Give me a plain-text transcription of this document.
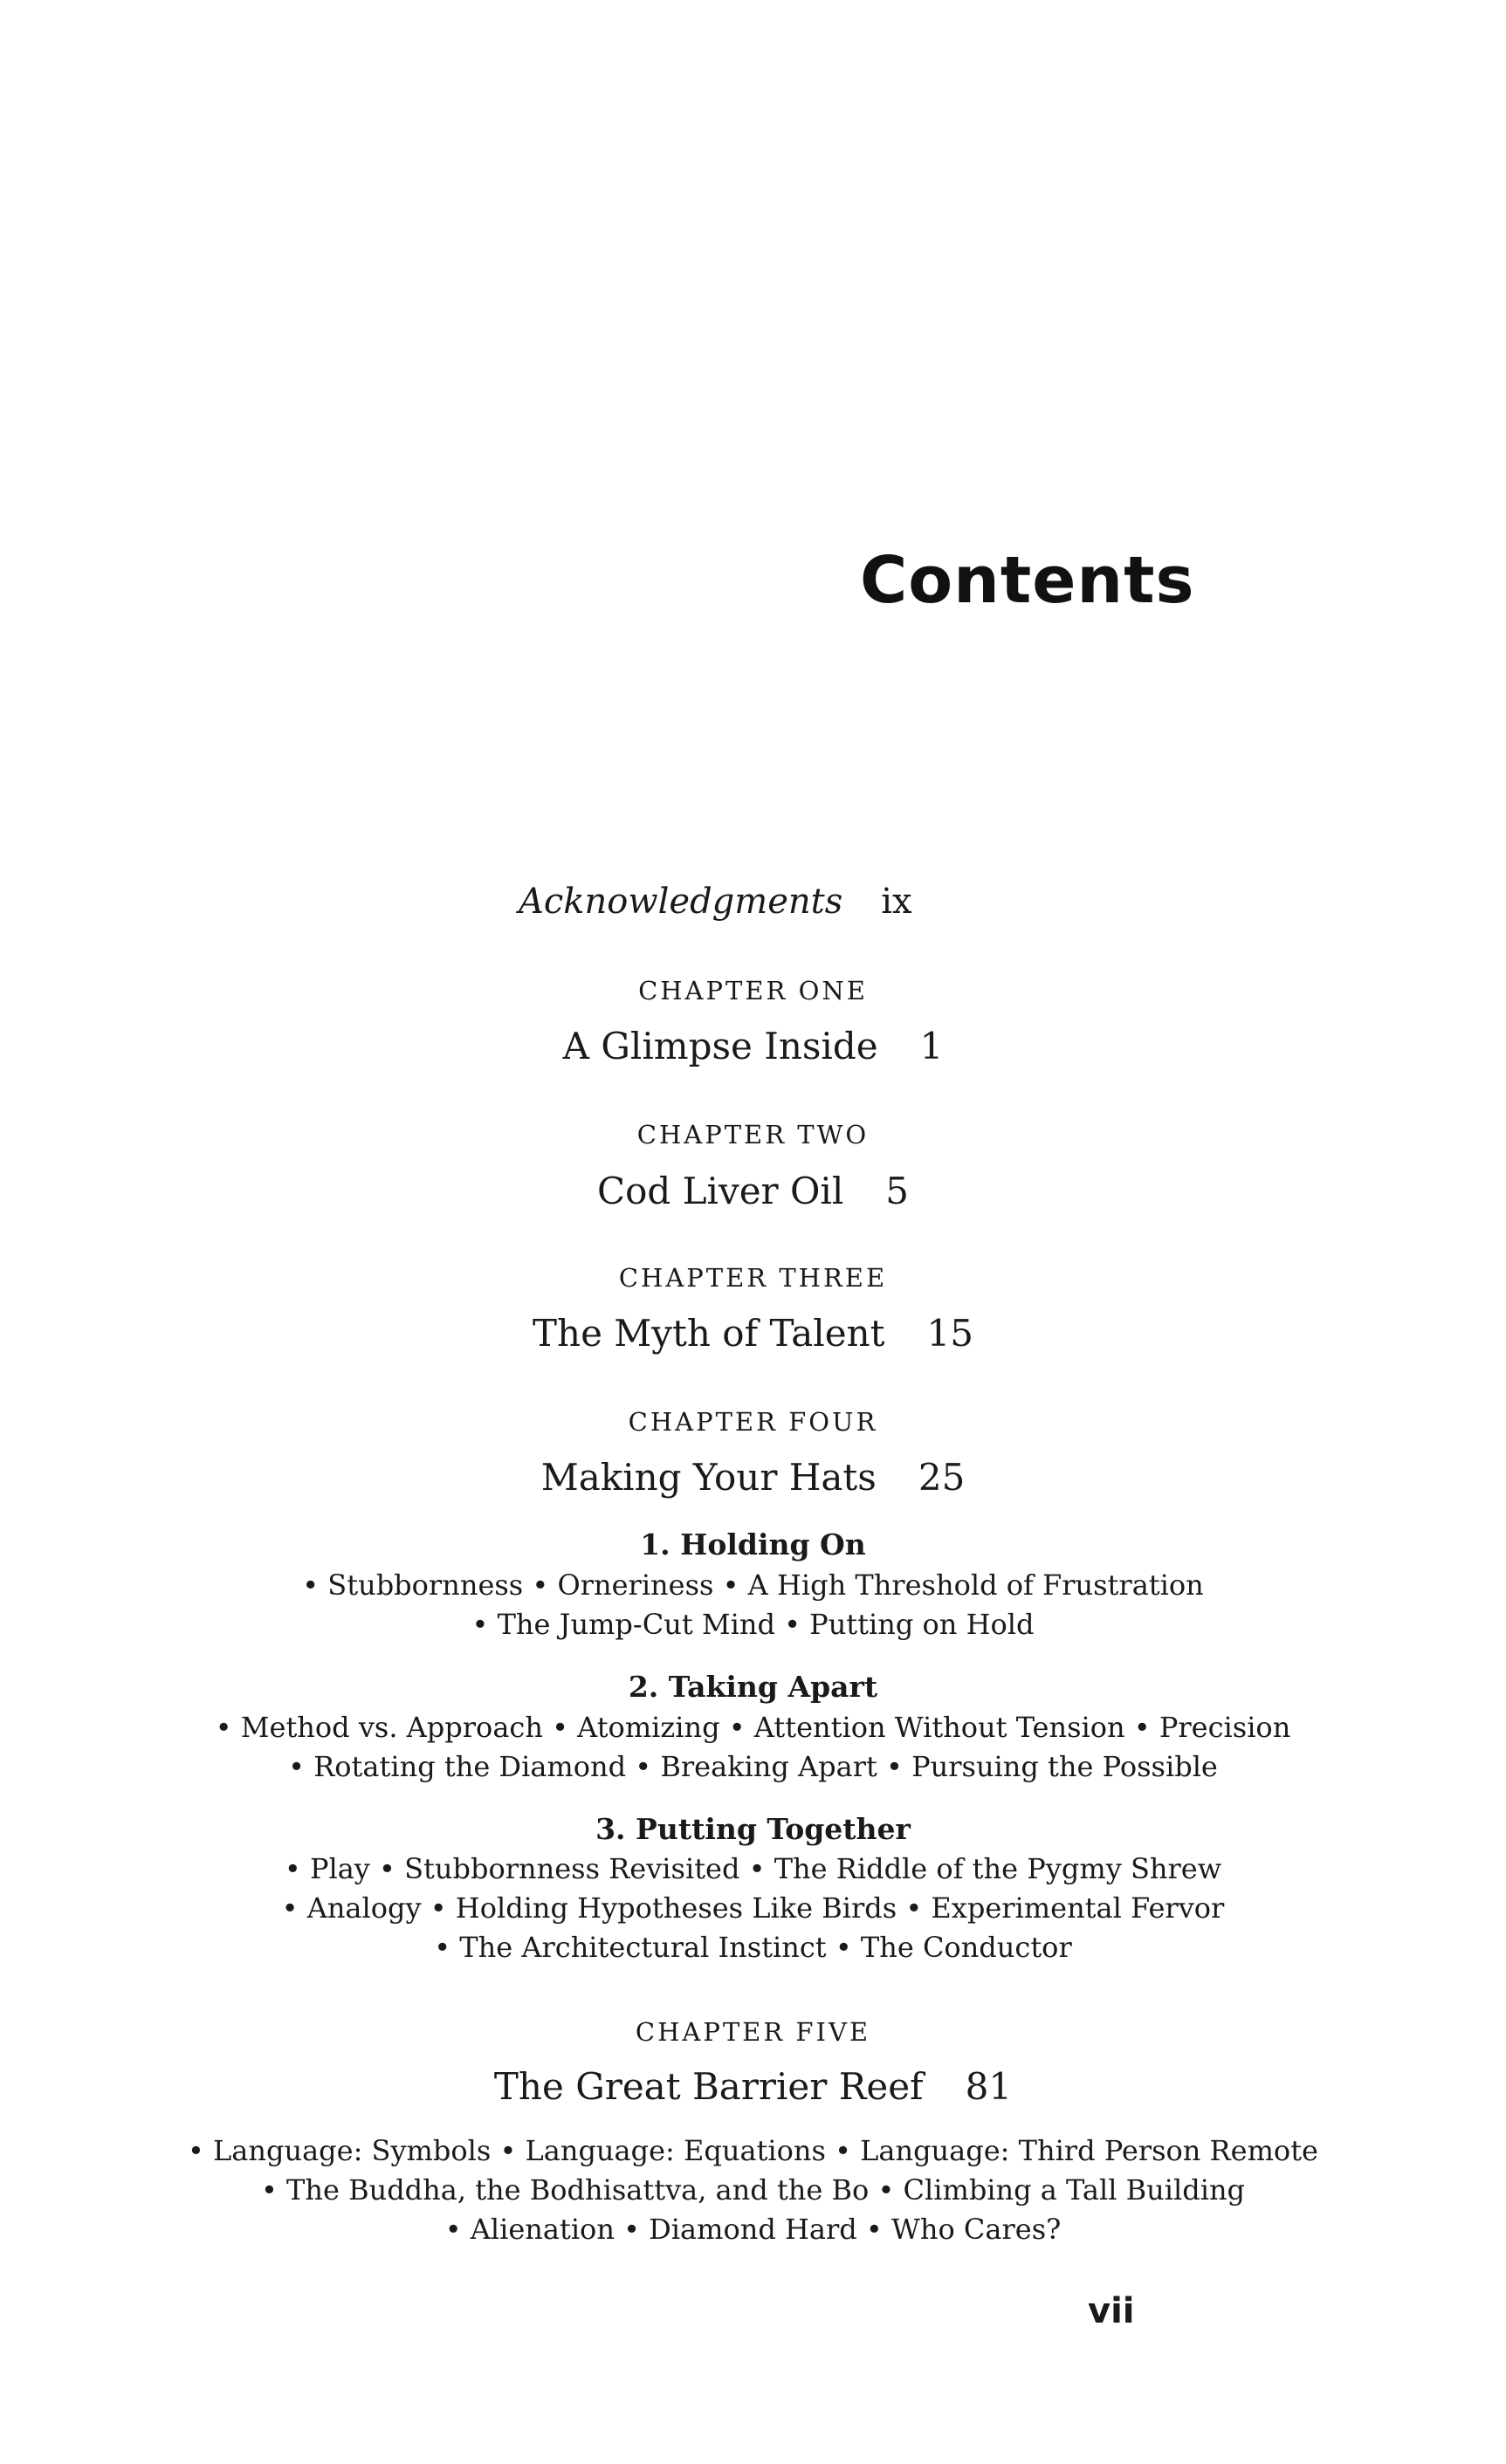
Contents
Acknowledgments ix
CHAPTER ONE
A Glimpse Inside 1
CHAPTER TWO
Cod Liver Oil 5
CHAPTER THREE
The Myth of Talent 15
CHAPTER FOUR
Making Your Hats 25
1. Holding On
• Stubbornness • Orneriness • A High Threshold of Frustration
• The Jump-Cut Mind • Putting on Hold
2. Taking Apart
• Method vs. Approach • Atomizing • Attention Without Tension • Precision
• Rotating the Diamond • Breaking Apart • Pursuing the Possible
3. Putting Together
• Play • Stubbornness Revisited • The Riddle of the Pygmy Shrew
• Analogy • Holding Hypotheses Like Birds • Experimental Fervor
• The Architectural Instinct • The Conductor
CHAPTER FIVE
The Great Barrier Reef 81
• Language: Symbols • Language: Equations • Language: Third Person Remote
• The Buddha, the Bodhisattva, and the Bo • Climbing a Tall Building
• Alienation • Diamond Hard • Who Cares?
vii
